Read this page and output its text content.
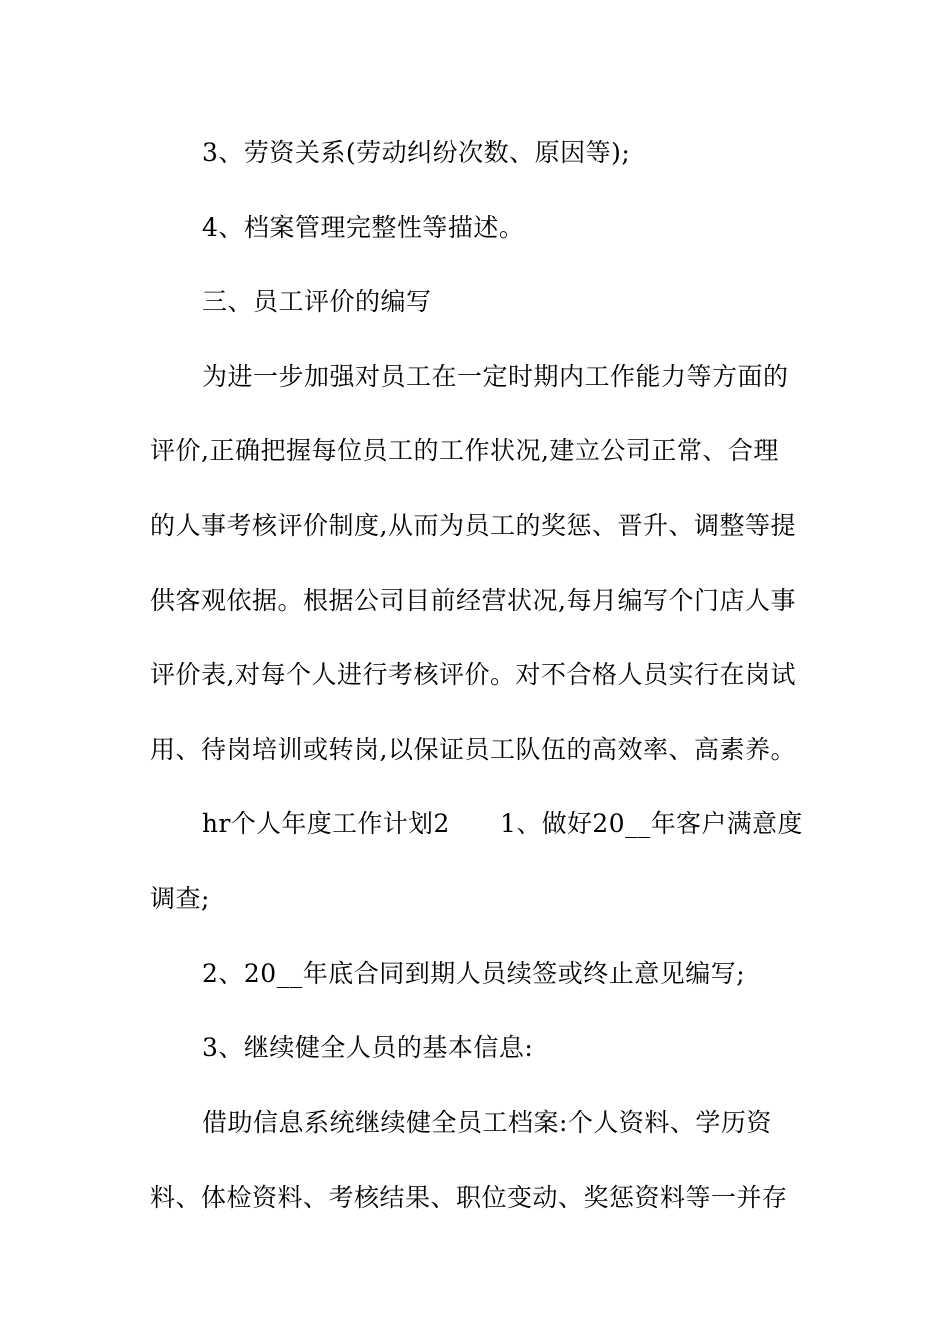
3、劳资关系(劳动纠纷次数、原因等);
4、档案管理完整性等描述。
三、员工评价的编写
为进一步加强对员工在一定时期内工作能力等方面的
评价,正确把握每位员工的工作状况,建立公司正常、合理
的人事考核评价制度,从而为员工的奖惩、晋升、调整等提
供客观依据。根据公司目前经营状况,每月编写个门店人事
评价表,对每个人进行考核评价。对不合格人员实行在岗试
用、待岗培训或转岗,以保证员工队伍的高效率、高素养。
hr个人年度工作计划2      1、做好20__年客户满意度
调查;
2、20__年底合同到期人员续签或终止意见编写;
3、继续健全人员的基本信息:
借助信息系统继续健全员工档案:个人资料、学历资
料、体检资料、考核结果、职位变动、奖惩资料等一并存
